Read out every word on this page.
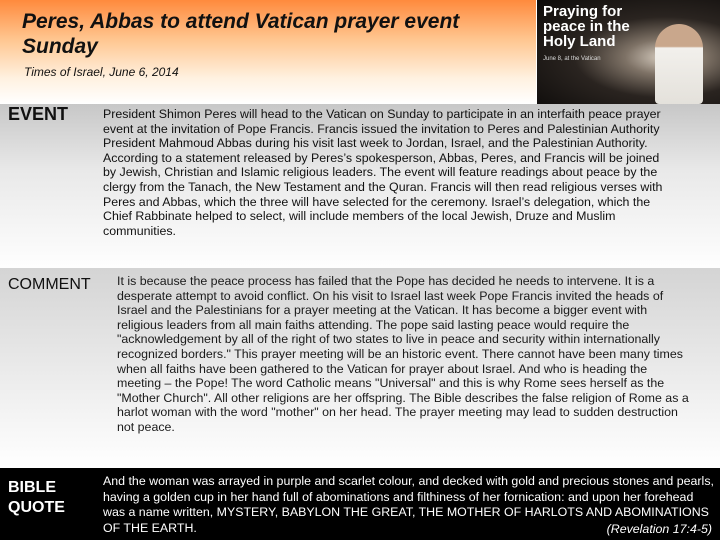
Peres, Abbas to attend Vatican prayer event Sunday
Times of Israel, June 6, 2014
Praying for peace in the Holy Land
June 8, at the Vatican
EVENT	President Shimon Peres will head to the Vatican on Sunday to participate in an interfaith peace prayer event at the invitation of Pope Francis. Francis issued the invitation to Peres and Palestinian Authority President Mahmoud Abbas during his visit last week to Jordan, Israel, and the Palestinian Authority. According to a statement released by Peres’s spokesperson, Abbas, Peres, and Francis will be joined by Jewish, Christian and Islamic religious leaders. The event will feature readings about peace by the clergy from the Tanach, the New Testament and the Quran. Francis will then read religious verses with Peres and Abbas, which the three will have selected for the ceremony. Israel’s delegation, which the Chief Rabbinate helped to select, will include members of the local Jewish, Druze and Muslim communities.
COMMENT It is because the peace process has failed that the Pope has decided he needs to intervene. It is a desperate attempt to avoid conflict. On his visit to Israel last week Pope Francis invited the heads of Israel and the Palestinians for a prayer meeting at the Vatican. It has become a bigger event with religious leaders from all main faiths attending. The pope said lasting peace would require the "acknowledgement by all of the right of two states to live in peace and security within internationally recognized borders." This prayer meeting will be an historic event. There cannot have been many times when all faiths have been gathered to the Vatican for prayer about Israel. And who is heading the meeting – the Pope! The word Catholic means "Universal" and this is why Rome sees herself as the "Mother Church". All other religions are her offspring. The Bible describes the false religion of Rome as a harlot woman with the word "mother" on her head. The prayer meeting may lead to sudden destruction not peace.
BIBLE QUOTE
And the woman was arrayed in purple and scarlet colour, and decked with gold and precious stones and pearls, having a golden cup in her hand full of abominations and filthiness of her fornication: and upon her forehead was a name written, MYSTERY, BABYLON THE GREAT, THE MOTHER OF HARLOTS AND ABOMINATIONS OF THE EARTH.	(Revelation 17:4-5)
